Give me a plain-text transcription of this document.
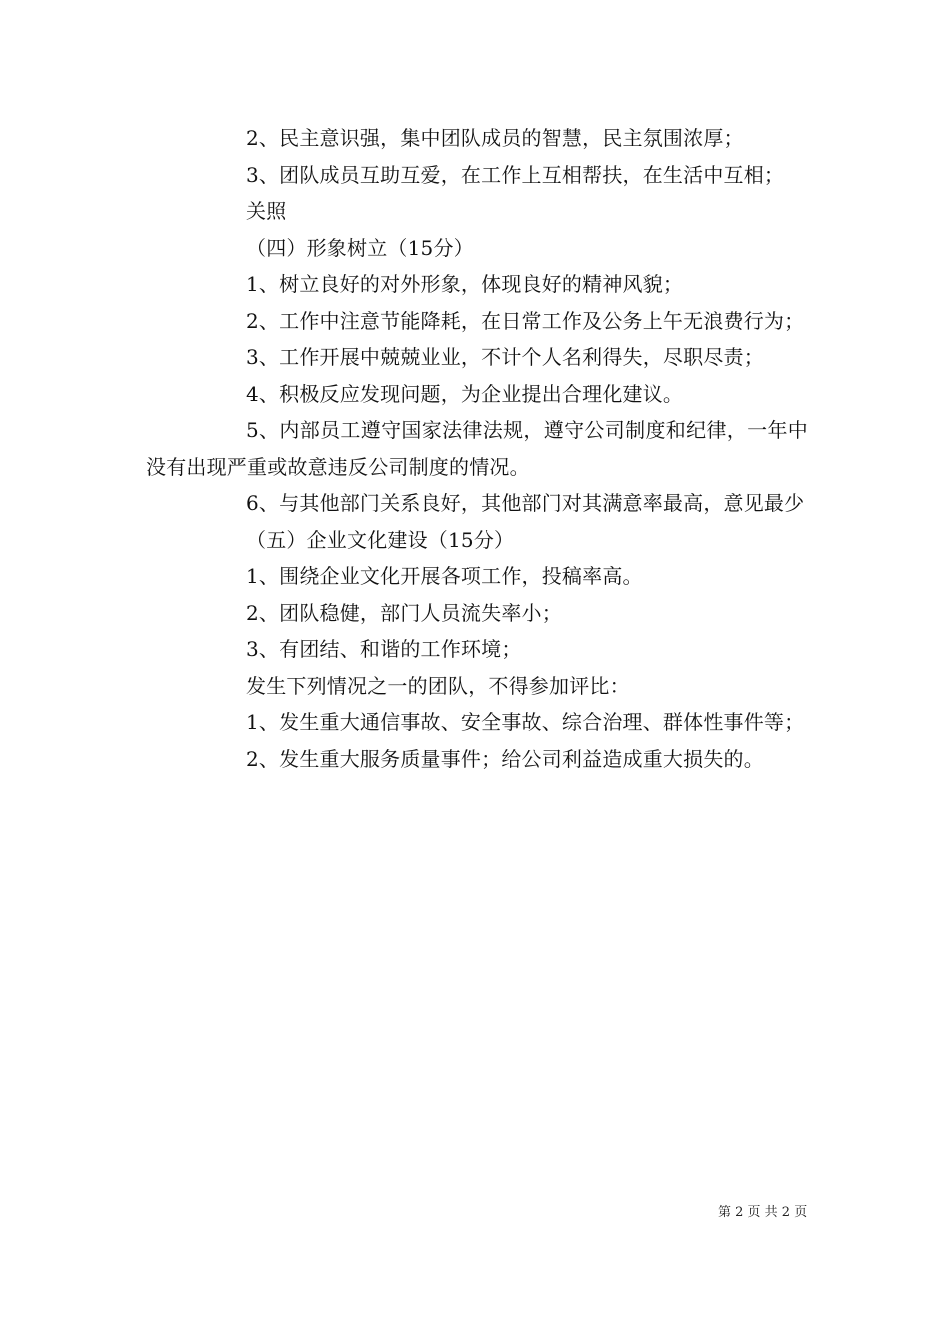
2、民主意识强，集中团队成员的智慧，民主氛围浓厚；

3、团队成员互助互爱，在工作上互相帮扶，在生活中互相；

关照

（四）形象树立（15分）

1、树立良好的对外形象，体现良好的精神风貌；

2、工作中注意节能降耗，在日常工作及公务上午无浪费行为；

3、工作开展中兢兢业业，不计个人名利得失，尽职尽责；

4、积极反应发现问题，为企业提出合理化建议。

5、内部员工遵守国家法律法规，遵守公司制度和纪律，一年中没有出现严重或故意违反公司制度的情况。

6、与其他部门关系良好，其他部门对其满意率最高，意见最少

（五）企业文化建设（15分）

1、围绕企业文化开展各项工作，投稿率高。

2、团队稳健，部门人员流失率小；

3、有团结、和谐的工作环境；

发生下列情况之一的团队，不得参加评比：

1、发生重大通信事故、安全事故、综合治理、群体性事件等；

2、发生重大服务质量事件；给公司利益造成重大损失的。

第 2 页 共 2 页
